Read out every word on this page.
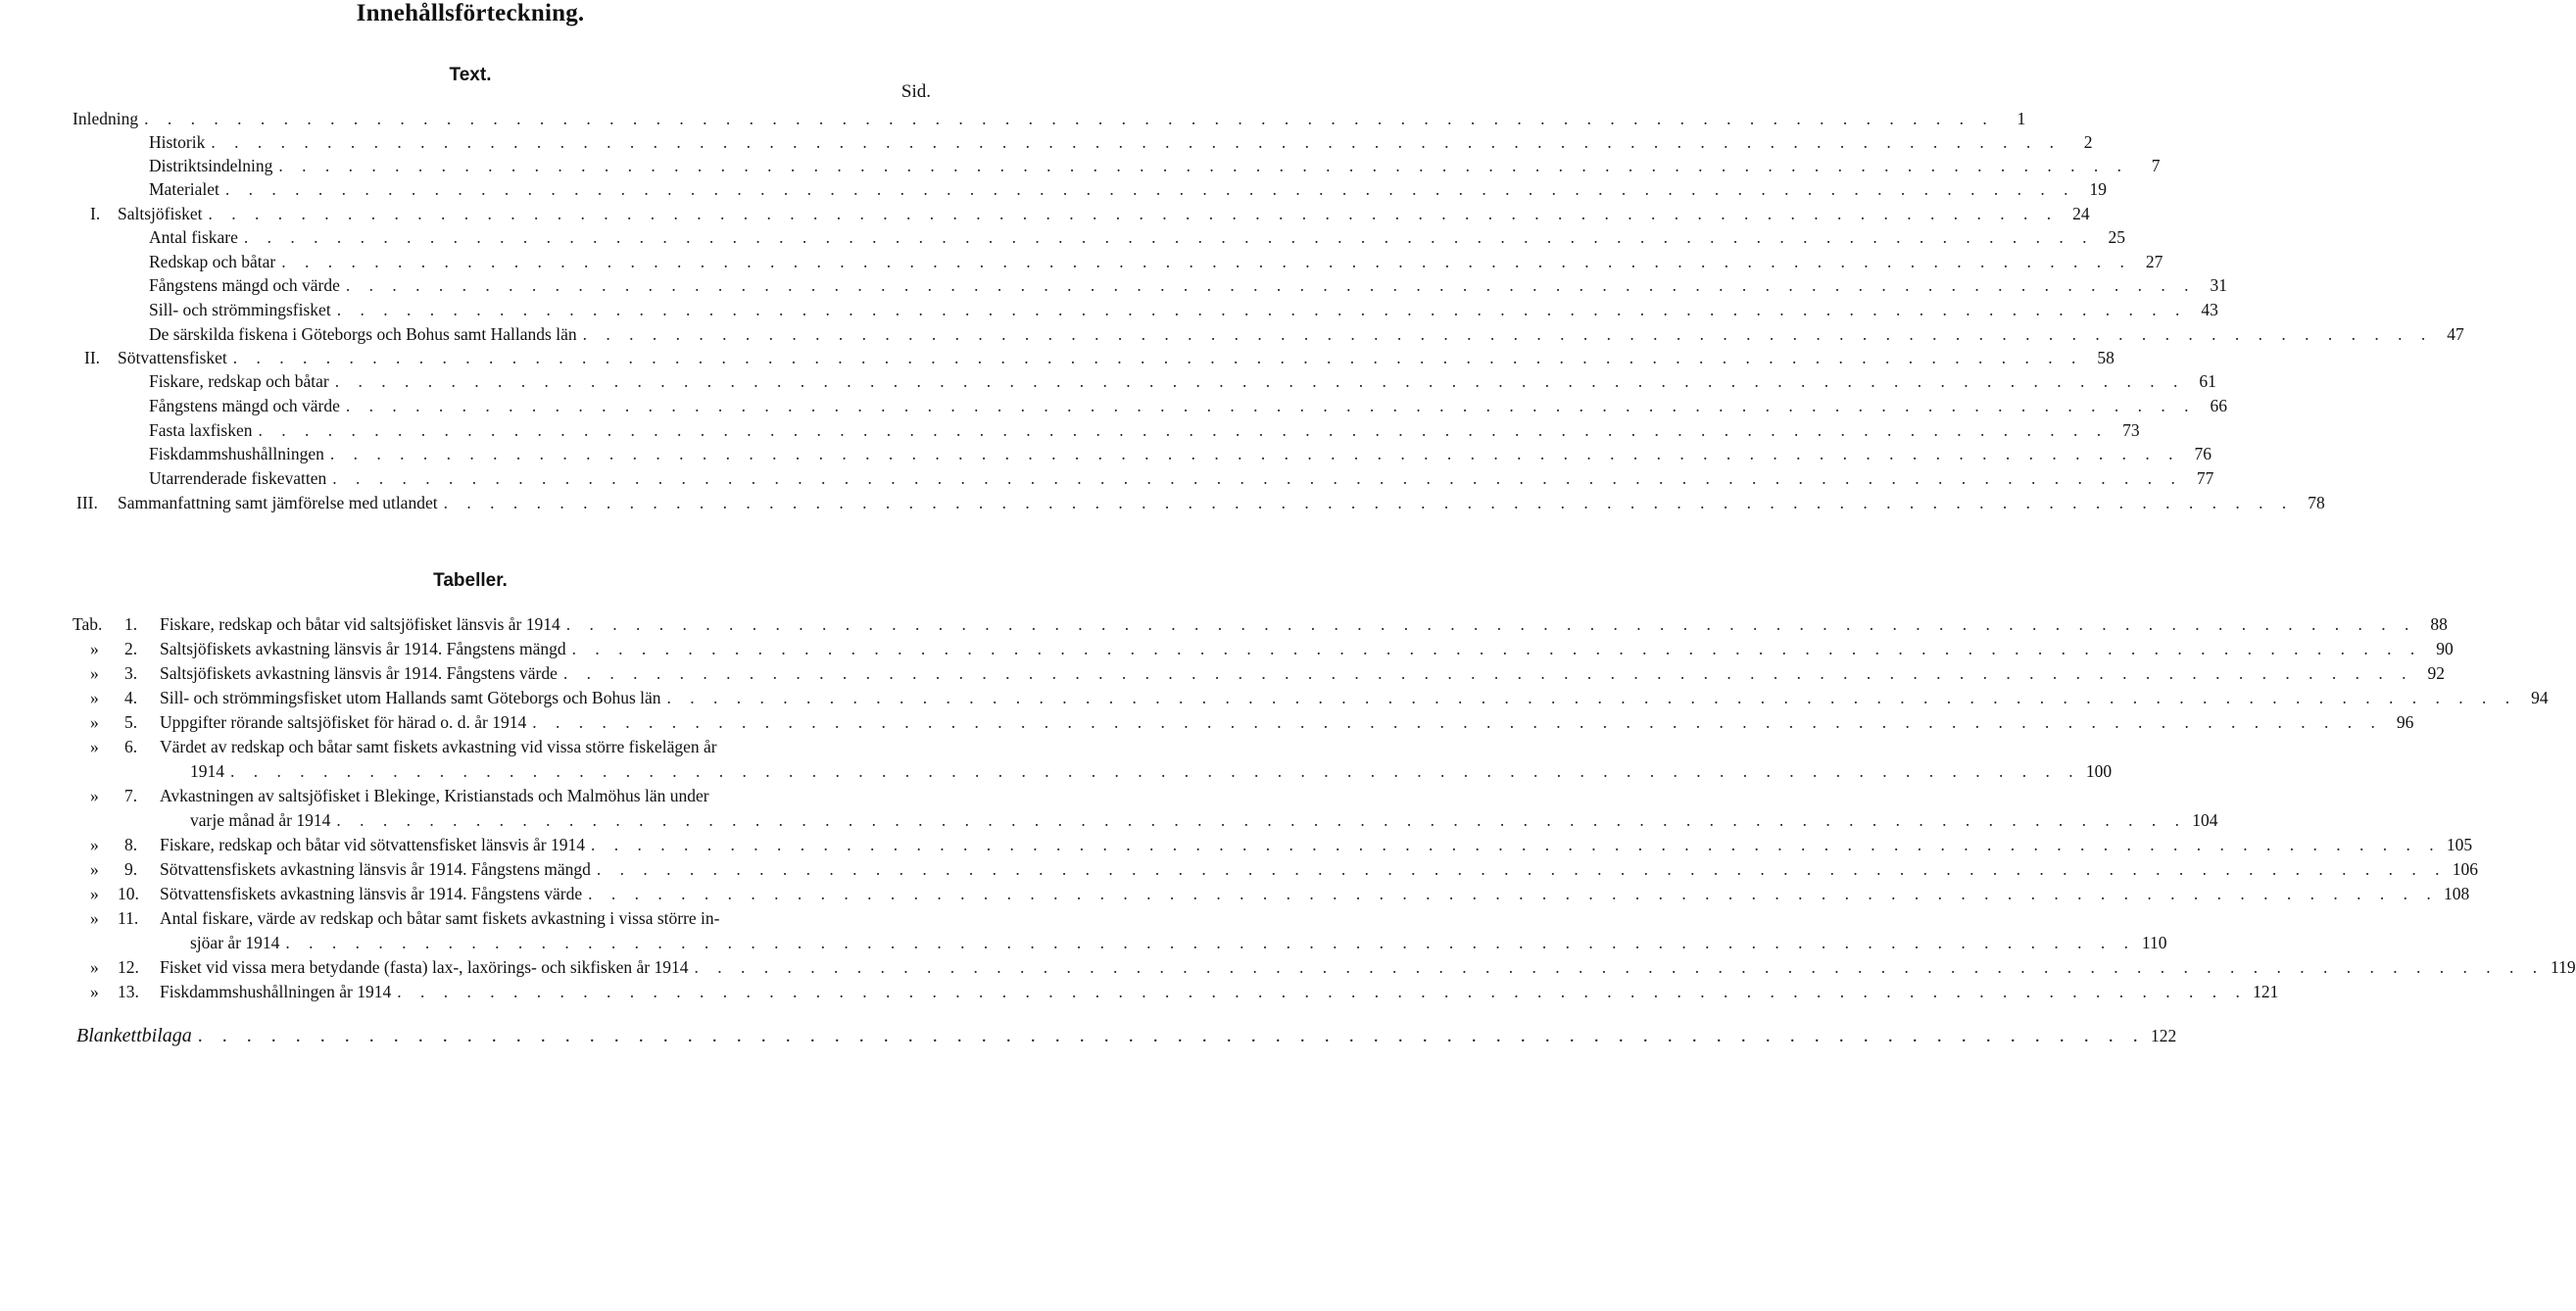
Innehållsförteckning.
Text.
Sid.
Tabeller.
Inledning . . . . . . . . . . . . . . . . . . . . . . . . . . . . . . . . . . . . . . . . . . . . . . . . . . . . . . . . . . . . . . . . . . . . . . . . . . . . . . . .	1
Historik . . . . . . . . . . . . . . . . . . . . . . . . . . . . . . . . . . . . . . . . . . . . . . . . . . . . . . . . . . . . . . . . . . . . . . . . . . . . . . . .	2
Distriktsindelning . . . . . . . . . . . . . . . . . . . . . . . . . . . . . . . . . . . . . . . . . . . . . . . . . . . . . . . . . . . . . . . . . . . . . . . . . . . . . . . .	7
Materialet . . . . . . . . . . . . . . . . . . . . . . . . . . . . . . . . . . . . . . . . . . . . . . . . . . . . . . . . . . . . . . . . . . . . . . . . . . . . . . . . 19
I. Saltsjöfisket . . . . . . . . . . . . . . . . . . . . . . . . . . . . . . . . . . . . . . . . . . . . . . . . . . . . . . . . . . . . . . . . . . . . . . . . . . . . . . . . 24
Antal fiskare . . . . . . . . . . . . . . . . . . . . . . . . . . . . . . . . . . . . . . . . . . . . . . . . . . . . . . . . . . . . . . . . . . . . . . . . . . . . . . . . 25
Redskap och båtar . . . . . . . . . . . . . . . . . . . . . . . . . . . . . . . . . . . . . . . . . . . . . . . . . . . . . . . . . . . . . . . . . . . . . . . . . . . . . . . . 27
Fångstens mängd och värde . . . . . . . . . . . . . . . . . . . . . . . . . . . . . . . . . . . . . . . . . . . . . . . . . . . . . . . . . . . . . . . . . . . . . . . . . . . . . . . . 31
Sill- och strömmingsfisket . . . . . . . . . . . . . . . . . . . . . . . . . . . . . . . . . . . . . . . . . . . . . . . . . . . . . . . . . . . . . . . . . . . . . . . . . . . . . . . . 43
De särskilda fiskena i Göteborgs och Bohus samt Hallands län . . . . . . . . . . . . . . . . . . . . . . . . . . . . . . . . . . . . . . . . . . . . . . . . . . . . . . . . . . . . . . . . . . . . . . . . . . . . . . . . 47
II. Sötvattensfisket . . . . . . . . . . . . . . . . . . . . . . . . . . . . . . . . . . . . . . . . . . . . . . . . . . . . . . . . . . . . . . . . . . . . . . . . . . . . . . . . 58
Fiskare, redskap och båtar . . . . . . . . . . . . . . . . . . . . . . . . . . . . . . . . . . . . . . . . . . . . . . . . . . . . . . . . . . . . . . . . . . . . . . . . . . . . . . . . 61
Fångstens mängd och värde . . . . . . . . . . . . . . . . . . . . . . . . . . . . . . . . . . . . . . . . . . . . . . . . . . . . . . . . . . . . . . . . . . . . . . . . . . . . . . . . 66
Fasta laxfisken . . . . . . . . . . . . . . . . . . . . . . . . . . . . . . . . . . . . . . . . . . . . . . . . . . . . . . . . . . . . . . . . . . . . . . . . . . . . . . . . 73
Fiskdammshushållningen . . . . . . . . . . . . . . . . . . . . . . . . . . . . . . . . . . . . . . . . . . . . . . . . . . . . . . . . . . . . . . . . . . . . . . . . . . . . . . . . 76
Utarrenderade fiskevatten . . . . . . . . . . . . . . . . . . . . . . . . . . . . . . . . . . . . . . . . . . . . . . . . . . . . . . . . . . . . . . . . . . . . . . . . . . . . . . . . 77
III. Sammanfattning samt jämförelse med utlandet . . . . . . . . . . . . . . . . . . . . . . . . . . . . . . . . . . . . . . . . . . . . . . . . . . . . . . . . . . . . . . . . . . . . . . . . . . . . . . . . 78
Tab. 1. Fiskare, redskap och båtar vid saltsjöfisket länsvis år 1914 . . . . . . . . . . . . . . . . . . . . . . . . . . . . . . . . . . . . . . . . . . . . . . . . . . . . . . . . . . . . . . . . . . . . . . . . . . . . . . . . 88
» 2. Saltsjöfiskets avkastning länsvis år 1914. Fångstens mängd . . . . . . . . . . . . . . . . . . . . . . . . . . . . . . . . . . . . . . . . . . . . . . . . . . . . . . . . . . . . . . . . . . . . . . . . . . . . . . . . 90
» 3. Saltsjöfiskets avkastning länsvis år 1914. Fångstens värde . . . . . . . . . . . . . . . . . . . . . . . . . . . . . . . . . . . . . . . . . . . . . . . . . . . . . . . . . . . . . . . . . . . . . . . . . . . . . . . . 92
» 4. Sill- och strömmingsfisket utom Hallands samt Göteborgs och Bohus län . . . . . . . . . . . . . . . . . . . . . . . . . . . . . . . . . . . . . . . . . . . . . . . . . . . . . . . . . . . . . . . . . . . . . . . . . . . . . . . . 94
» 5. Uppgifter rörande saltsjöfisket för härad o. d. år 1914 . . . . . . . . . . . . . . . . . . . . . . . . . . . . . . . . . . . . . . . . . . . . . . . . . . . . . . . . . . . . . . . . . . . . . . . . . . . . . . . . 96
» 6. Värdet av redskap och båtar samt fiskets avkastning vid vissa större fiskelägen år
1914 . . . . . . . . . . . . . . . . . . . . . . . . . . . . . . . . . . . . . . . . . . . . . . . . . . . . . . . . . . . . . . . . . . . . . . . . . . . . . . . . 100
» 7. Avkastningen av saltsjöfisket i Blekinge, Kristianstads och Malmöhus län under
varje månad år 1914 . . . . . . . . . . . . . . . . . . . . . . . . . . . . . . . . . . . . . . . . . . . . . . . . . . . . . . . . . . . . . . . . . . . . . . . . . . . . . . . . 104
» 8. Fiskare, redskap och båtar vid sötvattensfisket länsvis år 1914 . . . . . . . . . . . . . . . . . . . . . . . . . . . . . . . . . . . . . . . . . . . . . . . . . . . . . . . . . . . . . . . . . . . . . . . . . . . . . . . . 105
» 9. Sötvattensfiskets avkastning länsvis år 1914. Fångstens mängd . . . . . . . . . . . . . . . . . . . . . . . . . . . . . . . . . . . . . . . . . . . . . . . . . . . . . . . . . . . . . . . . . . . . . . . . . . . . . . . . 106
» 10. Sötvattensfiskets avkastning länsvis år 1914. Fångstens värde . . . . . . . . . . . . . . . . . . . . . . . . . . . . . . . . . . . . . . . . . . . . . . . . . . . . . . . . . . . . . . . . . . . . . . . . . . . . . . . . 108
» 11. Antal fiskare, värde av redskap och båtar samt fiskets avkastning i vissa större in-
sjöar år 1914 . . . . . . . . . . . . . . . . . . . . . . . . . . . . . . . . . . . . . . . . . . . . . . . . . . . . . . . . . . . . . . . . . . . . . . . . . . . . . . . . 110
» 12. Fisket vid vissa mera betydande (fasta) lax-, laxörings- och sikfisken år 1914 . . . . . . . . . . . . . . . . . . . . . . . . . . . . . . . . . . . . . . . . . . . . . . . . . . . . . . . . . . . . . . . . . . . . . . . . . . . . . . . . 119
» 13. Fiskdammshushållningen år 1914 . . . . . . . . . . . . . . . . . . . . . . . . . . . . . . . . . . . . . . . . . . . . . . . . . . . . . . . . . . . . . . . . . . . . . . . . . . . . . . . . 121
Blankettbilaga . . . . . . . . . . . . . . . . . . . . . . . . . . . . . . . . . . . . . . . . . . . . . . . . . . . . . . . . . . . . . . . . . . . . . . . . . . . . . . . . 122
